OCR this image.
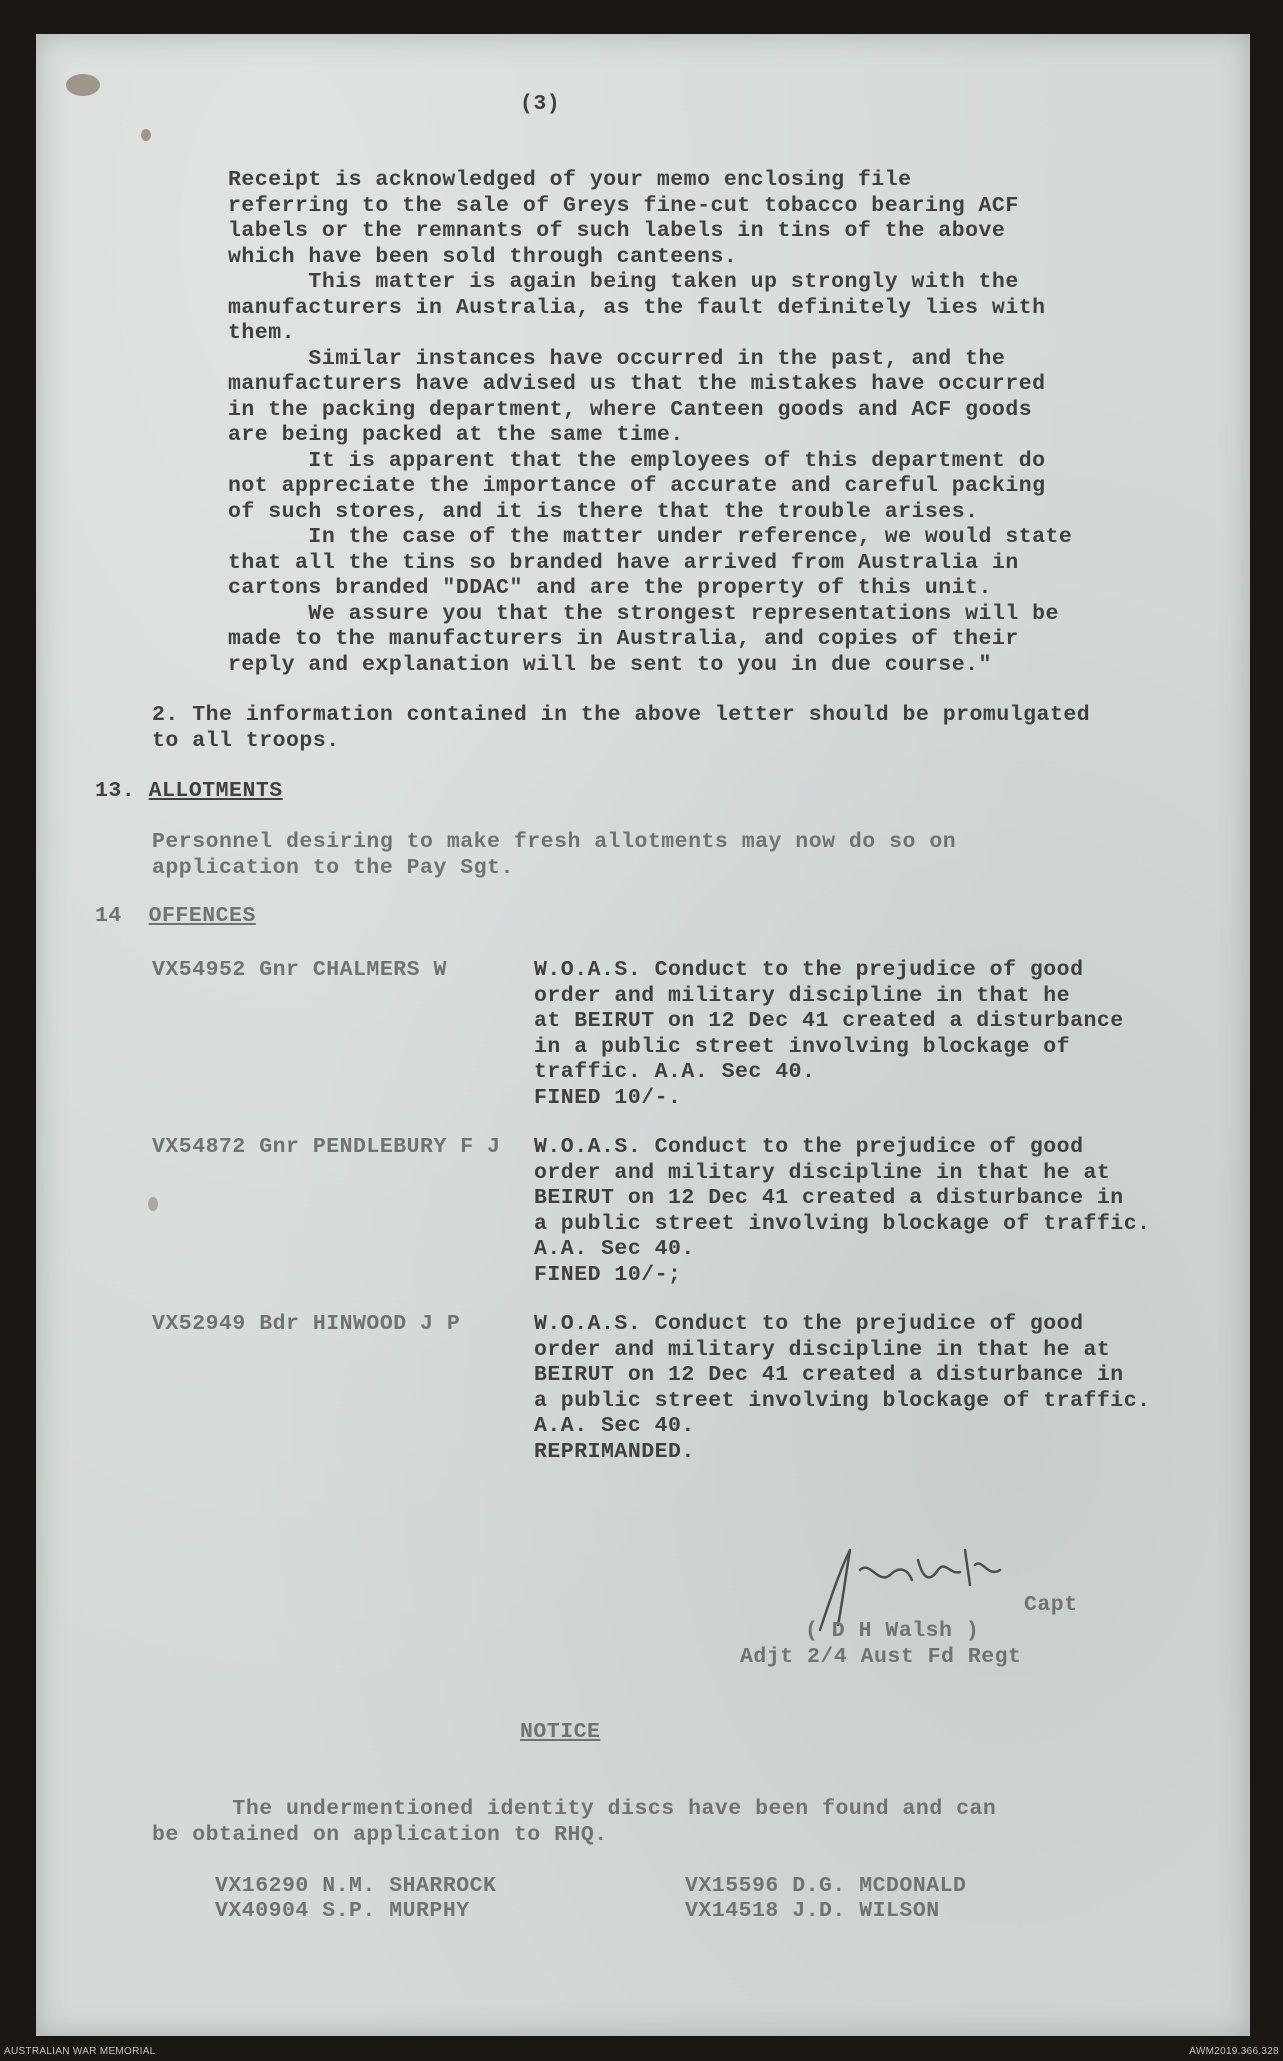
(3)
Receipt is acknowledged of your memo enclosing file
referring to the sale of Greys fine-cut tobacco bearing ACF
labels or the remnants of such labels in tins of the above
which have been sold through canteens.
This matter is again being taken up strongly with the
manufacturers in Australia, as the fault definitely lies with
them.
Similar instances have occurred in the past, and the
manufacturers have advised us that the mistakes have occurred
in the packing department, where Canteen goods and ACF goods
are being packed at the same time.
It is apparent that the employees of this department do
not appreciate the importance of accurate and careful packing
of such stores, and it is there that the trouble arises.
In the case of the matter under reference, we would state
that all the tins so branded have arrived from Australia in
cartons branded "DDAC" and are the property of this unit.
We assure you that the strongest representations will be
made to the manufacturers in Australia, and copies of their
reply and explanation will be sent to you in due course."
2. The information contained in the above letter should be promulgated
to all troops.
13. ALLOTMENTS
Personnel desiring to make fresh allotments may now do so on
application to the Pay Sgt.
14 OFFENCES
VX54952 Gnr CHALMERS W	W.O.A.S. Conduct to the prejudice of good
order and military discipline in that he
at BEIRUT on 12 Dec 41 created a disturbance
in a public street involving blockage of
traffic. A.A. Sec 40.
FINED 10/-.
VX54872 Gnr PENDLEBURY F J W.O.A.S. Conduct to the prejudice of good
order and military discipline in that he at
BEIRUT on 12 Dec 41 created a disturbance in
a public street involving blockage of traffic.
A.A. Sec 40.
FINED 10/-;
VX52949 Bdr HINWOOD J P	W.O.A.S. Conduct to the prejudice of good
order and military discipline in that he at
BEIRUT on 12 Dec 41 created a disturbance in
a public street involving blockage of traffic.
A.A. Sec 40.
REPRIMANDED.
Capt
( D H Walsh )
Adjt 2/4 Aust Fd Regt
NOTICE
The undermentioned identity discs have been found and can
be obtained on application to RHQ.
VX16290 N.M. SHARROCK	VX15596 D.G. MCDONALD
VX40904 S.P. MURPHY	VX14518 J.D. WILSON
AUSTRALIAN WAR MEMORIAL	AWM2019.366.328
